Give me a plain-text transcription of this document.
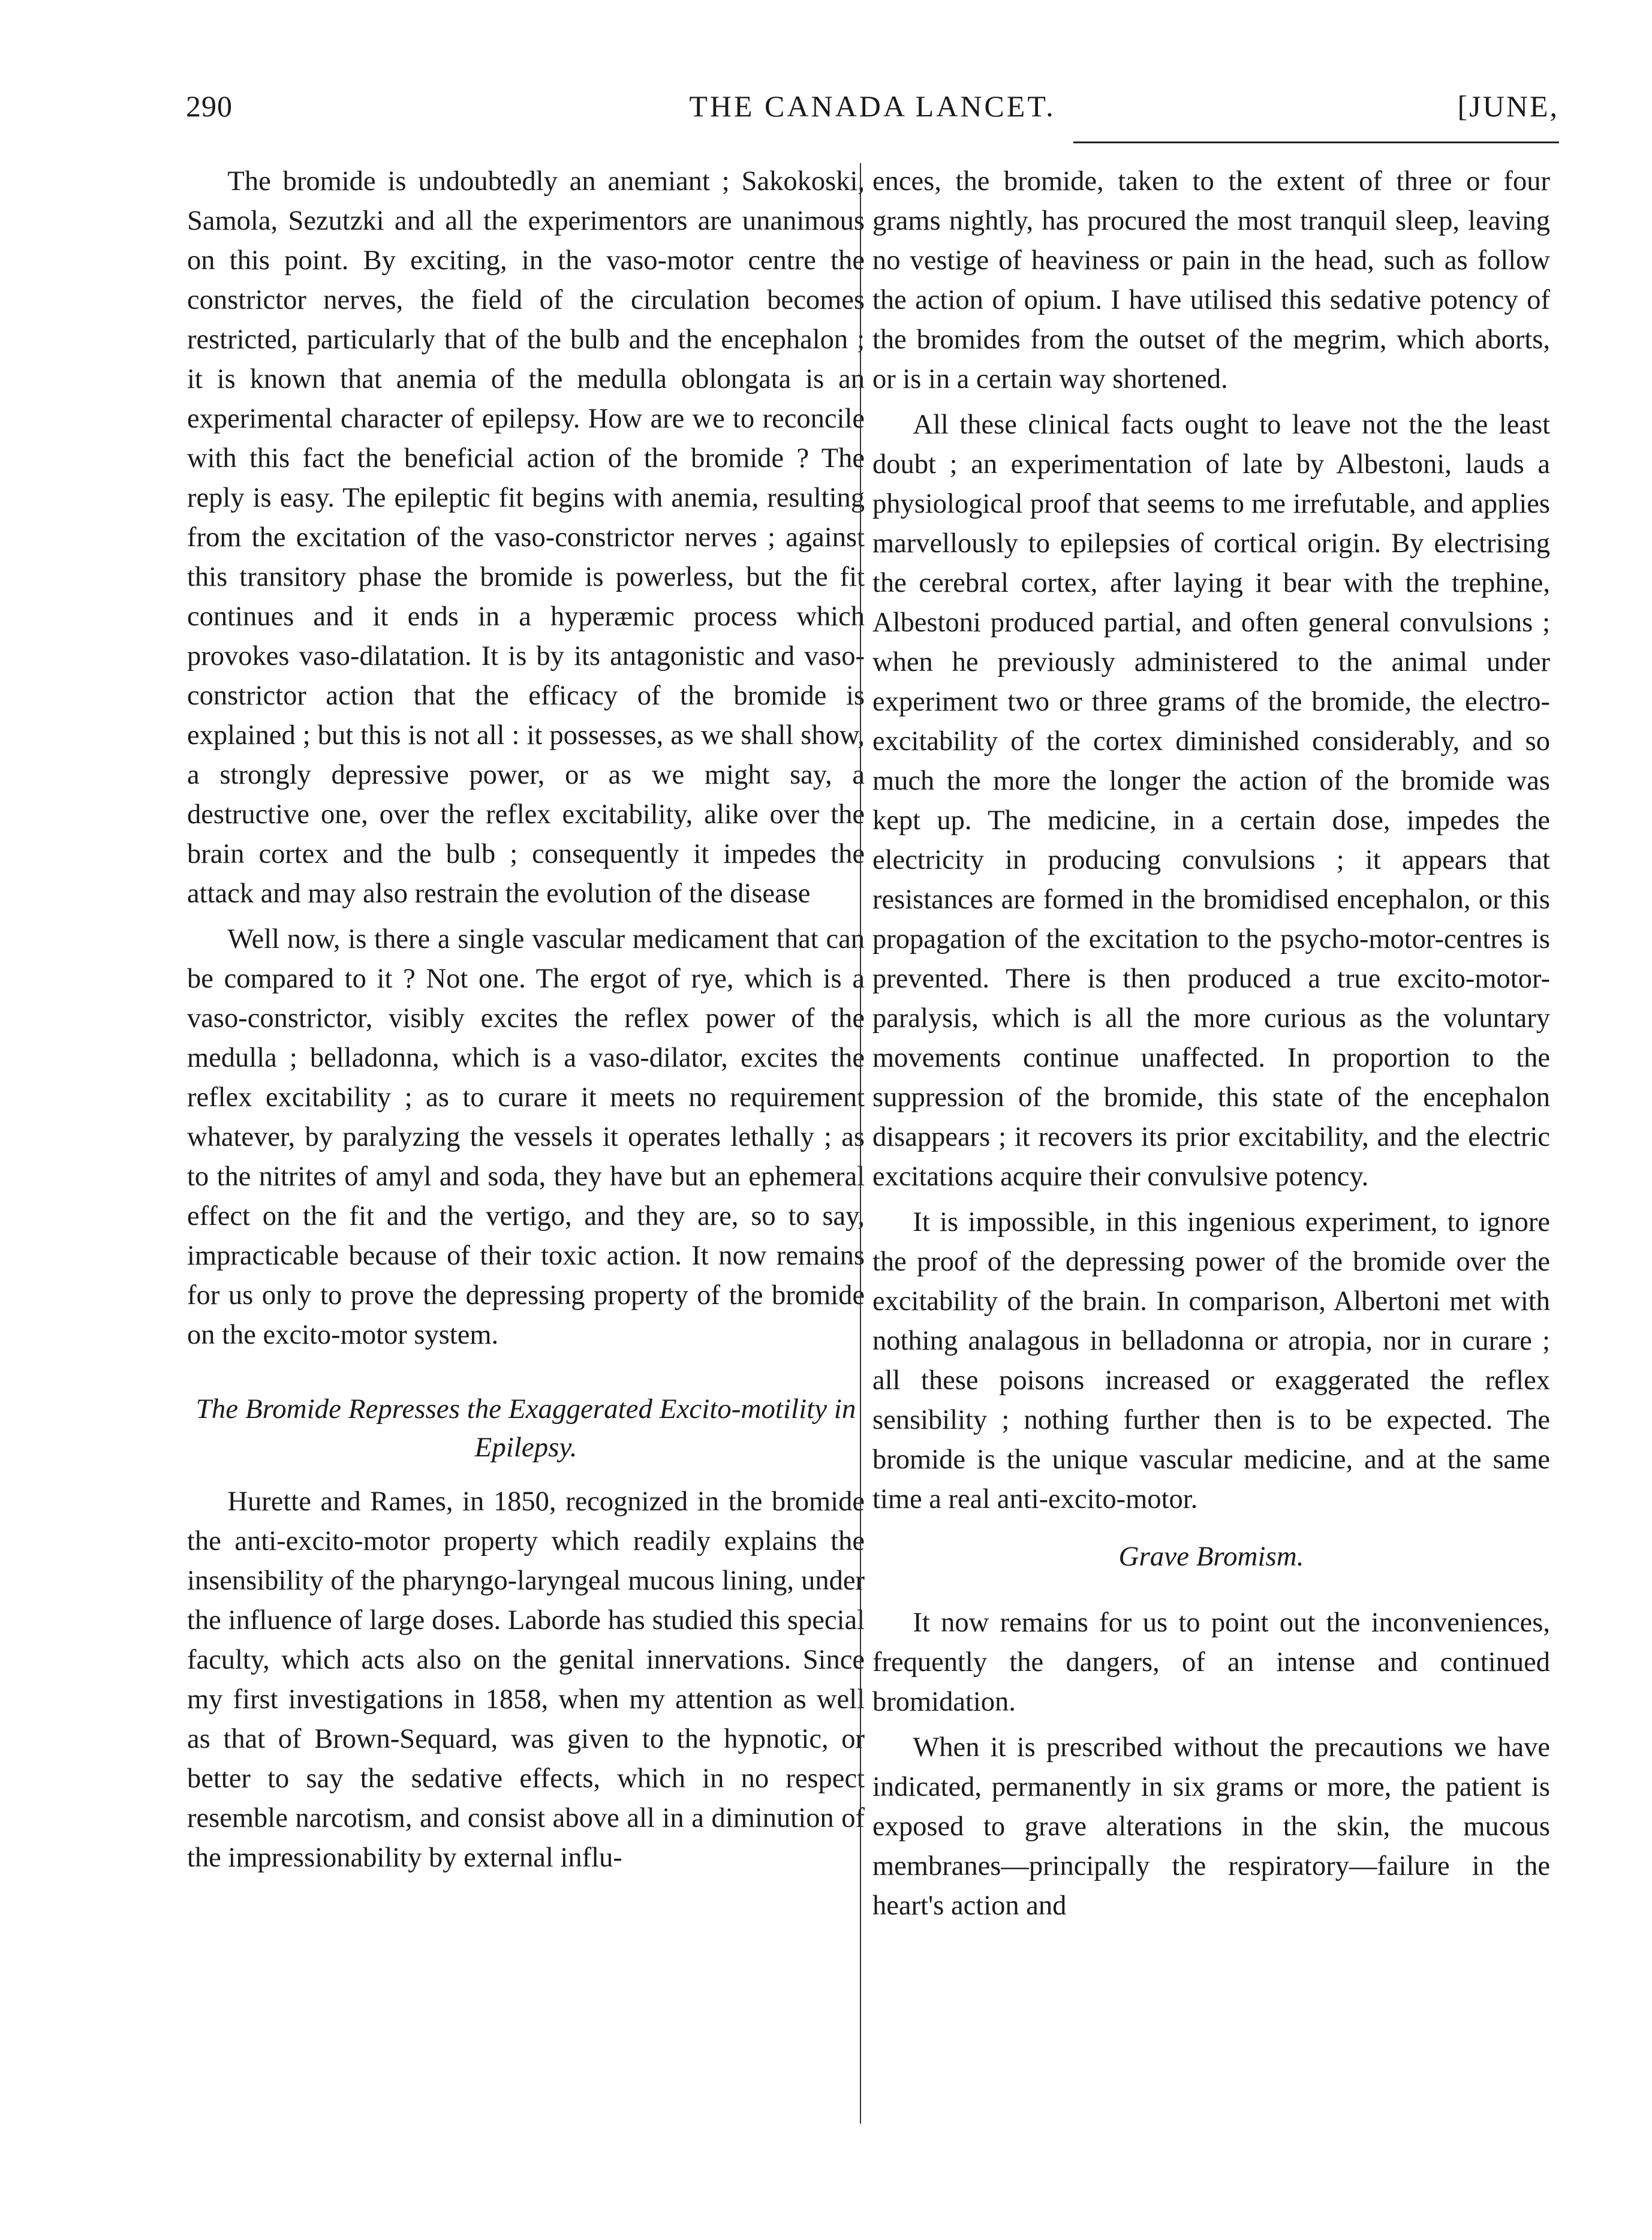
290	THE CANADA LANCET.	[JUNE,

The bromide is undoubtedly an anemiant ; Sakokoski, Samola, Sezutzki and all the experimentors are unanimous on this point. By exciting, in the vaso-motor centre the constrictor nerves, the field of the circulation becomes restricted, particularly that of the bulb and the encephalon ; it is known that anemia of the medulla oblongata is an experimental character of epilepsy. How are we to reconcile with this fact the beneficial action of the bromide ? The reply is easy. The epileptic fit begins with anemia, resulting from the excitation of the vaso-constrictor nerves ; against this transitory phase the bromide is powerless, but the fit continues and it ends in a hyperæmic process which provokes vaso-dilatation. It is by its antagonistic and vaso-constrictor action that the efficacy of the bromide is explained ; but this is not all : it possesses, as we shall show, a strongly depressive power, or as we might say, a destructive one, over the reflex excitability, alike over the brain cortex and the bulb ; consequently it impedes the attack and may also restrain the evolution of the disease

Well now, is there a single vascular medicament that can be compared to it ? Not one. The ergot of rye, which is a vaso-constrictor, visibly excites the reflex power of the medulla ; belladonna, which is a vaso-dilator, excites the reflex excitability ; as to curare it meets no requirement whatever, by paralyzing the vessels it operates lethally ; as to the nitrites of amyl and soda, they have but an ephemeral effect on the fit and the vertigo, and they are, so to say, impracticable because of their toxic action. It now remains for us only to prove the depressing property of the bromide on the excito-motor system.

The Bromide Represses the Exaggerated Excito-motility in Epilepsy.

Hurette and Rames, in 1850, recognized in the bromide the anti-excito-motor property which readily explains the insensibility of the pharyngo-laryngeal mucous lining, under the influence of large doses. Laborde has studied this special faculty, which acts also on the genital innervations. Since my first investigations in 1858, when my attention as well as that of Brown-Sequard, was given to the hypnotic, or better to say the sedative effects, which in no respect resemble narcotism, and consist above all in a diminution of the impressionability by external influ-

ences, the bromide, taken to the extent of three or four grams nightly, has procured the most tranquil sleep, leaving no vestige of heaviness or pain in the head, such as follow the action of opium. I have utilised this sedative potency of the bromides from the outset of the megrim, which aborts, or is in a certain way shortened.

All these clinical facts ought to leave not the the least doubt ; an experimentation of late by Albestoni, lauds a physiological proof that seems to me irrefutable, and applies marvellously to epilepsies of cortical origin. By electrising the cerebral cortex, after laying it bear with the trephine, Albestoni produced partial, and often general convulsions ; when he previously administered to the animal under experiment two or three grams of the bromide, the electro-excitability of the cortex diminished considerably, and so much the more the longer the action of the bromide was kept up. The medicine, in a certain dose, impedes the electricity in producing convulsions ; it appears that resistances are formed in the bromidised encephalon, or this propagation of the excitation to the psycho-motor-centres is prevented. There is then produced a true excito-motor-paralysis, which is all the more curious as the voluntary movements continue unaffected. In proportion to the suppression of the bromide, this state of the encephalon disappears ; it recovers its prior excitability, and the electric excitations acquire their convulsive potency.

It is impossible, in this ingenious experiment, to ignore the proof of the depressing power of the bromide over the excitability of the brain. In comparison, Albertoni met with nothing analagous in belladonna or atropia, nor in curare ; all these poisons increased or exaggerated the reflex sensibility ; nothing further then is to be expected. The bromide is the unique vascular medicine, and at the same time a real anti-excito-motor.

Grave Bromism.

It now remains for us to point out the inconveniences, frequently the dangers, of an intense and continued bromidation.

When it is prescribed without the precautions we have indicated, permanently in six grams or more, the patient is exposed to grave alterations in the skin, the mucous membranes—principally the respiratory—failure in the heart's action and
